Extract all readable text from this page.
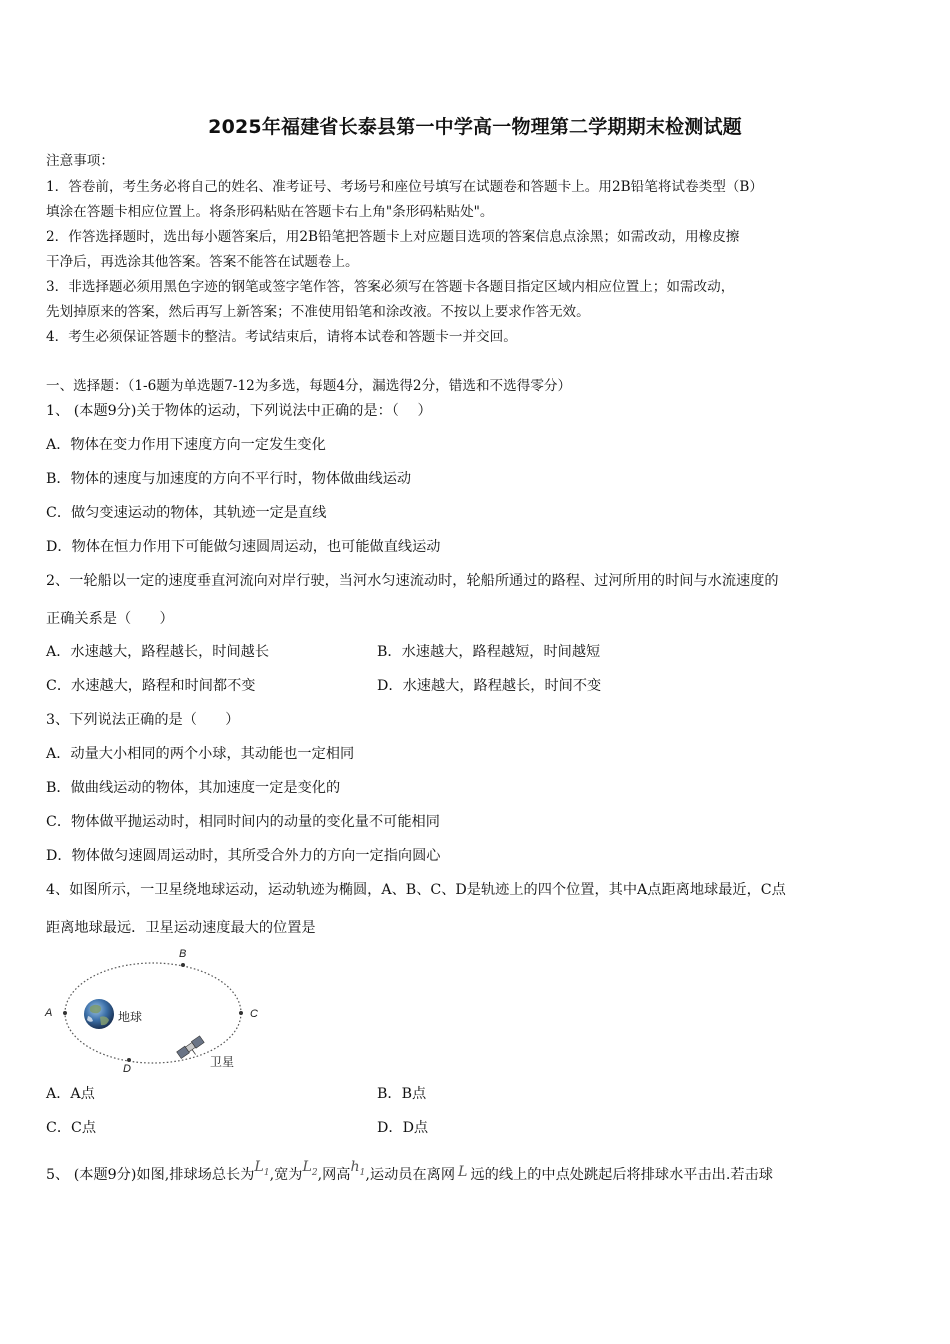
2025年福建省长泰县第一中学高一物理第二学期期末检测试题
注意事项：
1．答卷前，考生务必将自己的姓名、准考证号、考场号和座位号填写在试题卷和答题卡上。用2B铅笔将试卷类型（B）
填涂在答题卡相应位置上。将条形码粘贴在答题卡右上角"条形码粘贴处"。
2．作答选择题时，选出每小题答案后，用2B铅笔把答题卡上对应题目选项的答案信息点涂黑；如需改动，用橡皮擦
干净后，再选涂其他答案。答案不能答在试题卷上。
3．非选择题必须用黑色字迹的钢笔或签字笔作答，答案必须写在答题卡各题目指定区域内相应位置上；如需改动，
先划掉原来的答案，然后再写上新答案；不准使用铅笔和涂改液。不按以上要求作答无效。
4．考生必须保证答题卡的整洁。考试结束后，请将本试卷和答题卡一并交回。
一、选择题：（1-6题为单选题7-12为多选，每题4分，漏选得2分，错选和不选得零分）
1、 (本题9分)关于物体的运动，下列说法中正确的是：（　 ）
A．物体在变力作用下速度方向一定发生变化
B．物体的速度与加速度的方向不平行时，物体做曲线运动
C．做匀变速运动的物体，其轨迹一定是直线
D．物体在恒力作用下可能做匀速圆周运动，也可能做直线运动
2、一轮船以一定的速度垂直河流向对岸行驶，当河水匀速流动时，轮船所通过的路程、过河所用的时间与水流速度的
正确关系是（　　）
A．水速越大，路程越长，时间越长	B．水速越大，路程越短，时间越短
C．水速越大，路程和时间都不变	D．水速越大，路程越长，时间不变
3、下列说法正确的是（　　）
A．动量大小相同的两个小球，其动能也一定相同
B．做曲线运动的物体，其加速度一定是变化的
C．物体做平抛运动时，相同时间内的动量的变化量不可能相同
D．物体做匀速圆周运动时，其所受合外力的方向一定指向圆心
4、如图所示，一卫星绕地球运动，运动轨迹为椭圆，A、B、C、D是轨迹上的四个位置，其中A点距离地球最近，C点
距离地球最远．卫星运动速度最大的位置是
A
B
C
D
地球
卫星
A．A点	B．B点
C．C点	D．D点
5、 (本题9分)如图,排球场总长为$L_1$,宽为$L_2$,网高$h_1$,运动员在离网 L 远的线上的中点处跳起后将排球水平击出.若击球
